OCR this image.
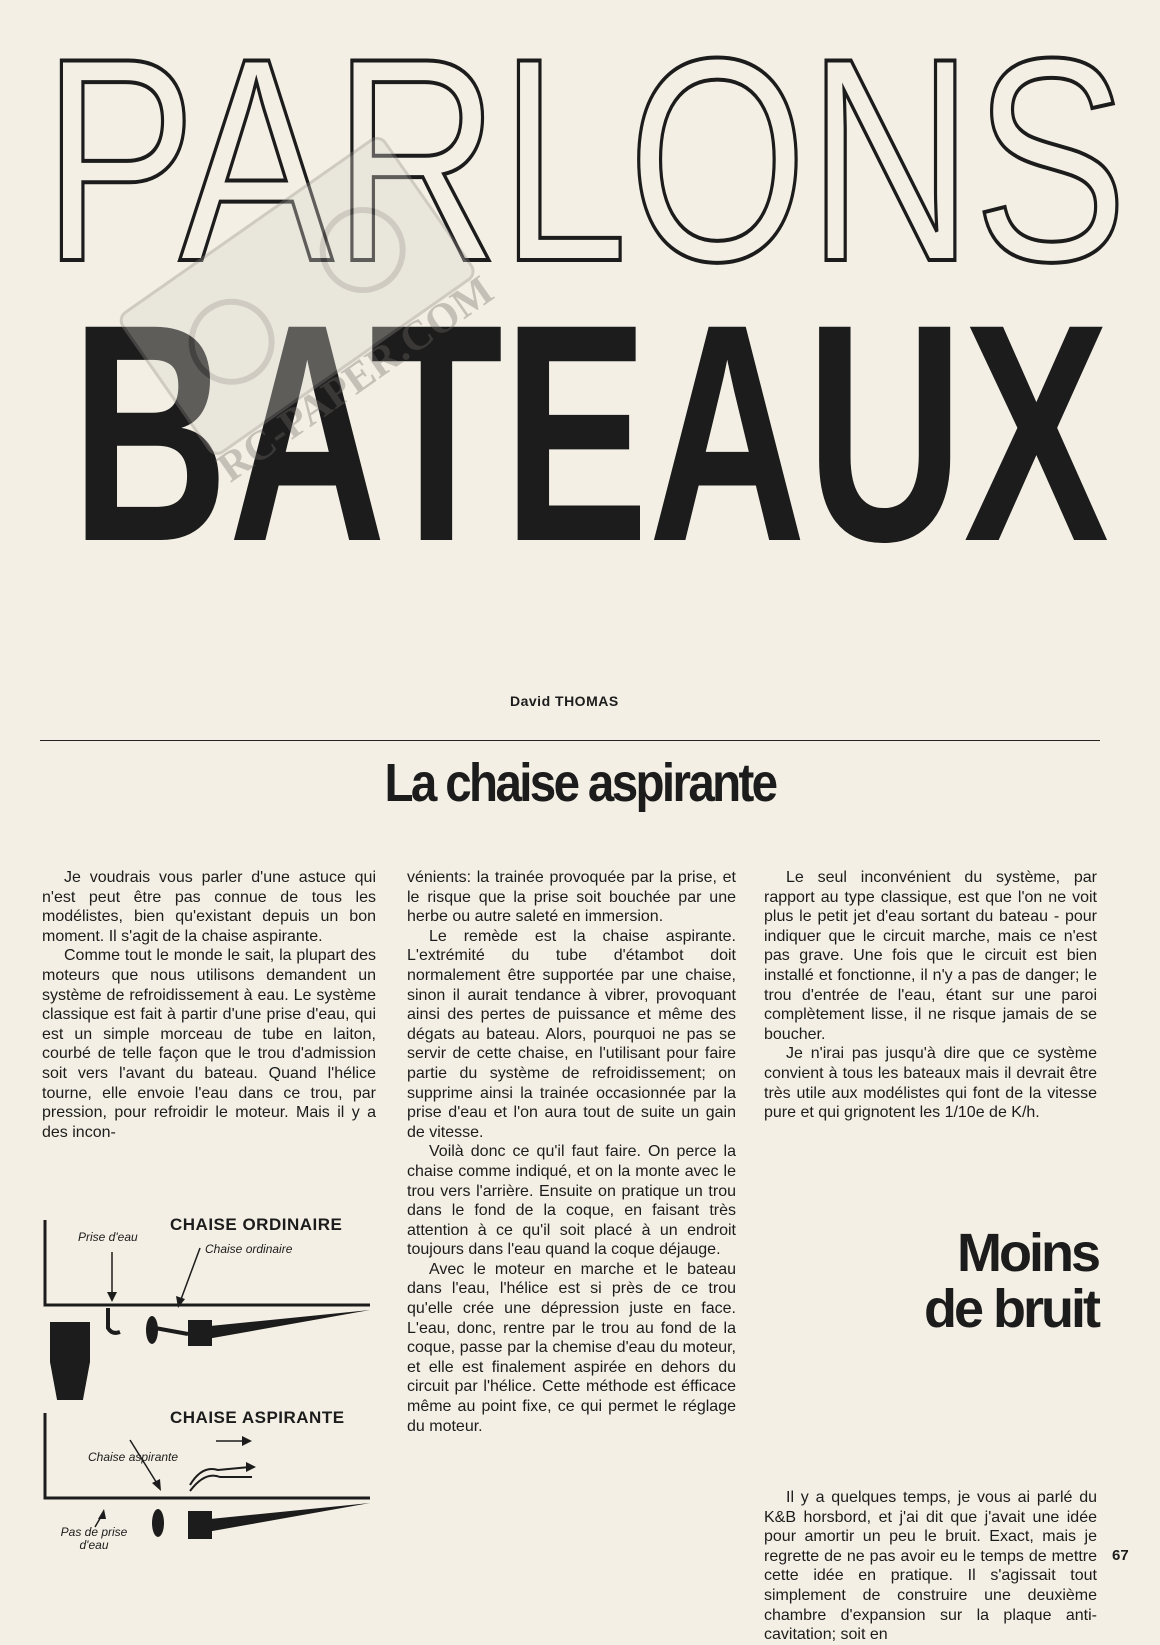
PARLONS
BATEAUX
RC-PAPER.COM
David THOMAS
La chaise aspirante

Je voudrais vous parler d'une astuce qui n'est peut être pas connue de tous les modélistes, bien qu'existant depuis un bon moment. Il s'agit de la chaise aspirante.

Comme tout le monde le sait, la plupart des moteurs que nous utilisons demandent un système de refroidissement à eau. Le système classique est fait à partir d'une prise d'eau, qui est un simple morceau de tube en laiton, courbé de telle façon que le trou d'admission soit vers l'avant du bateau. Quand l'hélice tourne, elle envoie l'eau dans ce trou, par pression, pour refroidir le moteur. Mais il y a des incon-

vénients: la trainée provoquée par la prise, et le risque que la prise soit bouchée par une herbe ou autre saleté en immersion.

Le remède est la chaise aspirante. L'extrémité du tube d'étambot doit normalement être supportée par une chaise, sinon il aurait tendance à vibrer, provoquant ainsi des pertes de puissance et même des dégats au bateau. Alors, pourquoi ne pas se servir de cette chaise, en l'utilisant pour faire partie du système de refroidissement; on supprime ainsi la trainée occasionnée par la prise d'eau et l'on aura tout de suite un gain de vitesse.

Voilà donc ce qu'il faut faire. On perce la chaise comme indiqué, et on la monte avec le trou vers l'arrière. Ensuite on pratique un trou dans le fond de la coque, en faisant très attention à ce qu'il soit placé à un endroit toujours dans l'eau quand la coque déjauge.

Avec le moteur en marche et le bateau dans l'eau, l'hélice est si près de ce trou qu'elle crée une dépression juste en face. L'eau, donc, rentre par le trou au fond de la coque, passe par la chemise d'eau du moteur, et elle est finalement aspirée en dehors du circuit par l'hélice. Cette méthode est éfficace même au point fixe, ce qui permet le réglage du moteur.

Le seul inconvénient du système, par rapport au type classique, est que l'on ne voit plus le petit jet d'eau sortant du bateau - pour indiquer que le circuit marche, mais ce n'est pas grave. Une fois que le circuit est bien installé et fonctionne, il n'y a pas de danger; le trou d'entrée de l'eau, étant sur une paroi complètement lisse, il ne risque jamais de se boucher.

Je n'irai pas jusqu'à dire que ce système convient à tous les bateaux mais il devrait être très utile aux modélistes qui font de la vitesse pure et qui grignotent les 1/10e de K/h.

Moins
de bruit

Il y a quelques temps, je vous ai parlé du K&B horsbord, et j'ai dit que j'avait une idée pour amortir un peu le bruit. Exact, mais je regrette de ne pas avoir eu le temps de mettre cette idée en pratique. Il s'agissait tout simplement de construire une deuxième chambre d'expansion sur la plaque anti-cavitation; soit en

CHAISE ORDINAIRE
Prise d'eau
Chaise ordinaire
CHAISE ASPIRANTE
Chaise aspirante
Pas de prise d'eau
67
